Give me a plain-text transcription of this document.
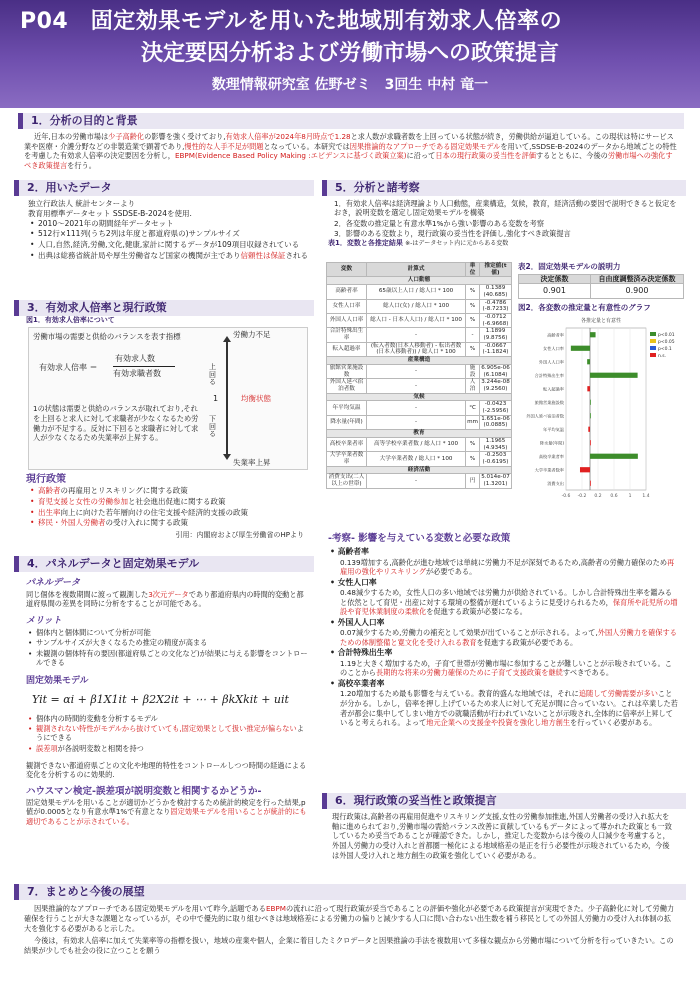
P04　固定効果モデルを用いた地域別有効求人倍率の
決定要因分析および労働市場への政策提言
数理情報研究室 佐野ゼミ　3回生 中村 竜一
1．分析の目的と背景
近年,日本の労働市場は少子高齢化の影響を強く受けており,有効求人倍率が2024年8月時点で1.28と求人数が求職者数を上回っている状態が続き，労働供給が逼迫している。この現状は特にサービス業や医療・介護分野などの非製造業で顕著であり,慢性的な人手不足が問題となっている。本研究では因果推論的なアプローチである固定効果モデルを用いて,SSDSE-B-2024のデータから地域ごとの特性を考慮した有効求人倍率の決定要因を分析し，EBPM(Evidence Based Policy Making :エビデンスに基づく政策立案)に沿って日本の現行政策の妥当性を評価するとともに、今後の労働市場への強化すべき政策提言を行う。
2．用いたデータ
独立行政法人 統計センターより
教育用標準データセット SSDSE-B-2024を使用.
• 2010〜2021年の期間経年データセット
• 512行×111列(うち2列は年度と都道府県の)サンプルサイズ
• 人口,自然,経済,労働,文化,健康,家計に関するデータが109項目収録されている
• 出典は総務省統計局や厚生労働省など国家の機関が主であり信頼性は保証される
3．有効求人倍率と現行政策
図1．有効求人倍率について
労働市場の需要と供給のバランスを表す指標
有効求人倍率 ＝
有効求人数
有効求職者数
1の状態は需要と供給のバランスが取れており,それを上回ると求人に対して求職者が少なくなるため労働力が不足する。反対に下回ると求職者に対して求人が少なくなるため失業率が上昇する。
労働力不足
上回る
1	均衡状態
下回る
失業率上昇
現行政策
• 高齢者の再雇用とリスキリングに関する政策
• 育児支援と女性の労働参加と社会進出促進に関する政策
• 出生率向上に向けた若年層向けの住宅支援や経済的支援の政策
• 移民・外国人労働者の受け入れに関する政策
引用：内閣府および厚生労働省のHPより
4．パネルデータと固定効果モデル
パネルデータ
同じ個体を複数期間に渡って観測した3次元データであり都道府県内の時間的変動と都道府県間の差異を同時に分析をすることが可能である。
メリット
• 個体内と個体間について分析が可能
• サンプルサイズが大きくなるため推定の精度が高まる
• 未観測の個体特有の要因(都道府県ごとの文化など)が結果に与える影響をコントロールできる
固定効果モデル
Yit = αi + β1X1it + β2X2it + ⋯ + βkXkit + uit
• 個体内の時間的変動を分析するモデル
• 観測されない特性がモデルから抜けていても,固定効果として扱い推定が偏らないようにできる
• 誤差項が各説明変数と相関を持つ
観測できない都道府県ごとの文化や地理的特性をコントロールしつつ時間の経過による変化を分析するのに効果的.
ハウスマン検定-誤差項が説明変数と相関するかどうか-
固定効果モデルを用いることが適切かどうかを検討するため統計的検定を行った結果,p値が0.0005となり有意水準1%で有意となり固定効果モデルを用いることが統計的にも適切であることが示されている。
5．分析と諸考察
1．有効求人倍率は経済理論より人口動態，産業構造，気候，教育，経済活動の要因で説明できると仮定をおき，説明変数を選定し固定効果モデルを構築
2．各変数の推定量と有意水準1%から強い影響のある変数を考察
3．影響のある変数より，現行政策の妥当性を評価し,強化すべき政策提言
表1．変数と各推定結果 ※-はデータセット内に元からある変数
変数	計算式	単位	推定値(t値)
人口動態			
高齢者率	65歳以上人口 / 総人口 * 100	%	0.1389
(40.685)

女性人口率	総人口(女) / 総人口 * 100	%	-0.4786
(-8.7233)

外国人人口率	総人口 - 日本人人口) / 総人口 * 100	%	-0.0712
(-6.9668)

合計特殊出生率	-	-	1.1899
(9.8756)

転入超過率	(転入者数(日本人移動者) - 転出者数(日本人移動者)) / 総人口 * 100	%	-0.0667
(-1.1824)

産業構造			
旅館営業施設数	-	施設	6.905e-06
(6.1084)

外国人延べ宿泊者数	-	人泊	3.244e-08
(9.2560)

気候			
年平均気温	-	°C	-0.0423
(-2.5956)

降水量(年間)	-	mm	1.651e-06
(0.0885)

教育			
高校卒業者率	高等学校卒業者数 / 総人口 * 100	%	1.1965
(4.9345)

大学卒業者数率	大学卒業者数 / 総人口 * 100	%	-0.2503
(-0.6195)

経済活動			
消費支出(二人以上の世帯)	-	円	5.014e-07
(1.3201)
表2．固定効果モデルの説明力
決定係数	自由度調整済み決定係数
0.901	0.900
図2．各変数の推定量と有意性のグラフ
各推定量と有意性
-0.6 -0.2 0.2 0.6 1 1.4
高齢者率
女性人口率
外国人人口率
合計特殊出生率
転入超過率
旅館営業施設数
外国人延べ宿泊者数
年平均気温
降水量(年間)
高校卒業者率
大学卒業者数率
消費支出
p<0.01
p<0.05
p<0.1
n.s.
-考察- 影響を与えている変数と必要な政策
• 高齢者率
0.139増加する,高齢化が進む地域では単純に労働力不足が深刻であるため,高齢者の労働力確保のため再雇用の強化やリスキリングが必要である。
• 女性人口率
0.48減少するため，女性人口の多い地域では労働力が供給されている。しかし合計特殊出生率を鑑みると依然として育児・出産に対する環境の整備が遅れているように見受けられるため，保育所や託児所の増設や育児休業制度の柔軟化を促進する政策が必要になる。
• 外国人人口率
0.07減少するため,労働力の補充として効果が出ていることが示される。よって,外国人労働力を確保するための体制整備と寛文化を受け入れる教育を促進する政策が必要である。
• 合計特殊出生率
1.19と大きく増加するため，子育て世帯が労働市場に参加することが難しいことが示唆されている。このことから長期的な将来の労働力確保のために子育て支援政策を継続すべきである。
• 高校卒業者率
1.20増加するため最も影響を与えている。教育的盛んな地域では，それに追随して労働需要が多いことが分かる。しかし，倍率を押し上げているため求人に対して充足が間に合っていない。これは卒業した若者が都会に集中してしまい地方での就職活動が行われていないことが示唆され,全体的に倍率が上昇していると考えられる。よって地元企業への支援金や投資を強化し地方創生を行っていく必要がある。
6．現行政策の妥当性と政策提言
現行政策は,高齢者の再雇用促進やリスキリング支援,女性の労働参加推進,外国人労働者の受け入れ拡大を軸に進められており,労働市場の需給バランス改善に貢献しているもデータによって導かれた政策とも一致しているため妥当であることが確認できた。しかし，推定した変数からは今後の人口減少を考慮すると，外国人労働力の受け入れと首都圏一極化による地域格差の是正を行う必要性が示唆されているため，今後は外国人受け入れと地方創生の政策を強化していく必要がある。
7．まとめと今後の展望
因果推論的なアプローチである固定効果モデルを用いて昨今,話題であるEBPMの流れに沿って現行政策が妥当であることの評価や強化が必要である政策提言が実現できた。少子高齢化に対して労働力確保を行うことが大きな課題となっているが，その中で優先的に取り組むべきは地域格差による労働力の偏りと減少する人口に問い合わない出生数を補う移民としての外国人労働力の受け入れ体制の拡大を強化する必要があると示した。
今後は，有効求人倍率に加えて失業率等の指標を扱い，地域の産業や個人，企業に着目したミクロデータと因果推論の手法を複数用いて多様な観点から労働市場について分析を行っていきたい。この結果が少しでも社会の役に立つことを願う
